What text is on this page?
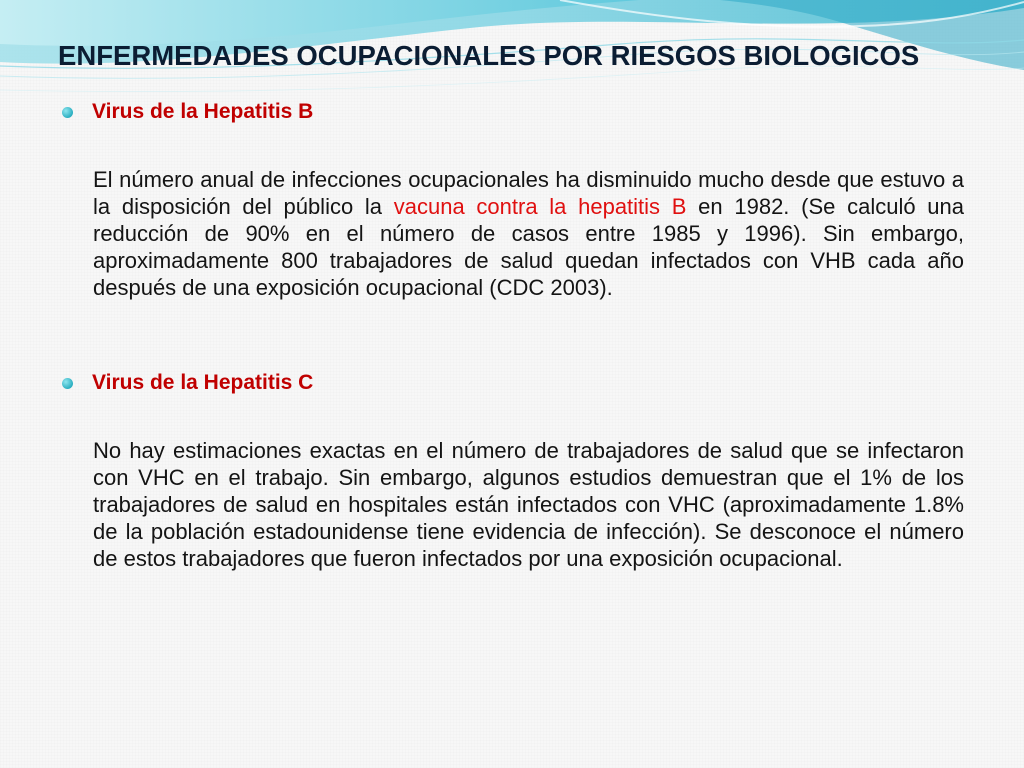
ENFERMEDADES OCUPACIONALES POR RIESGOS BIOLOGICOS
Virus de la Hepatitis B

El número anual de infecciones ocupacionales ha disminuido mucho desde que estuvo a la disposición del público la vacuna contra la hepatitis B en 1982. (Se calculó una reducción de 90% en el número de casos entre 1985 y 1996). Sin embargo, aproximadamente 800 trabajadores de salud quedan infectados con VHB cada año después de una exposición ocupacional (CDC 2003).

Virus de la Hepatitis C

No hay estimaciones exactas en el número de trabajadores de salud que se infectaron con VHC en el trabajo. Sin embargo, algunos estudios demuestran que el 1% de los trabajadores de salud en hospitales están infectados con VHC (aproximadamente 1.8% de la población estadounidense tiene evidencia de infección). Se desconoce el número de estos trabajadores que fueron infectados por una exposición ocupacional.
